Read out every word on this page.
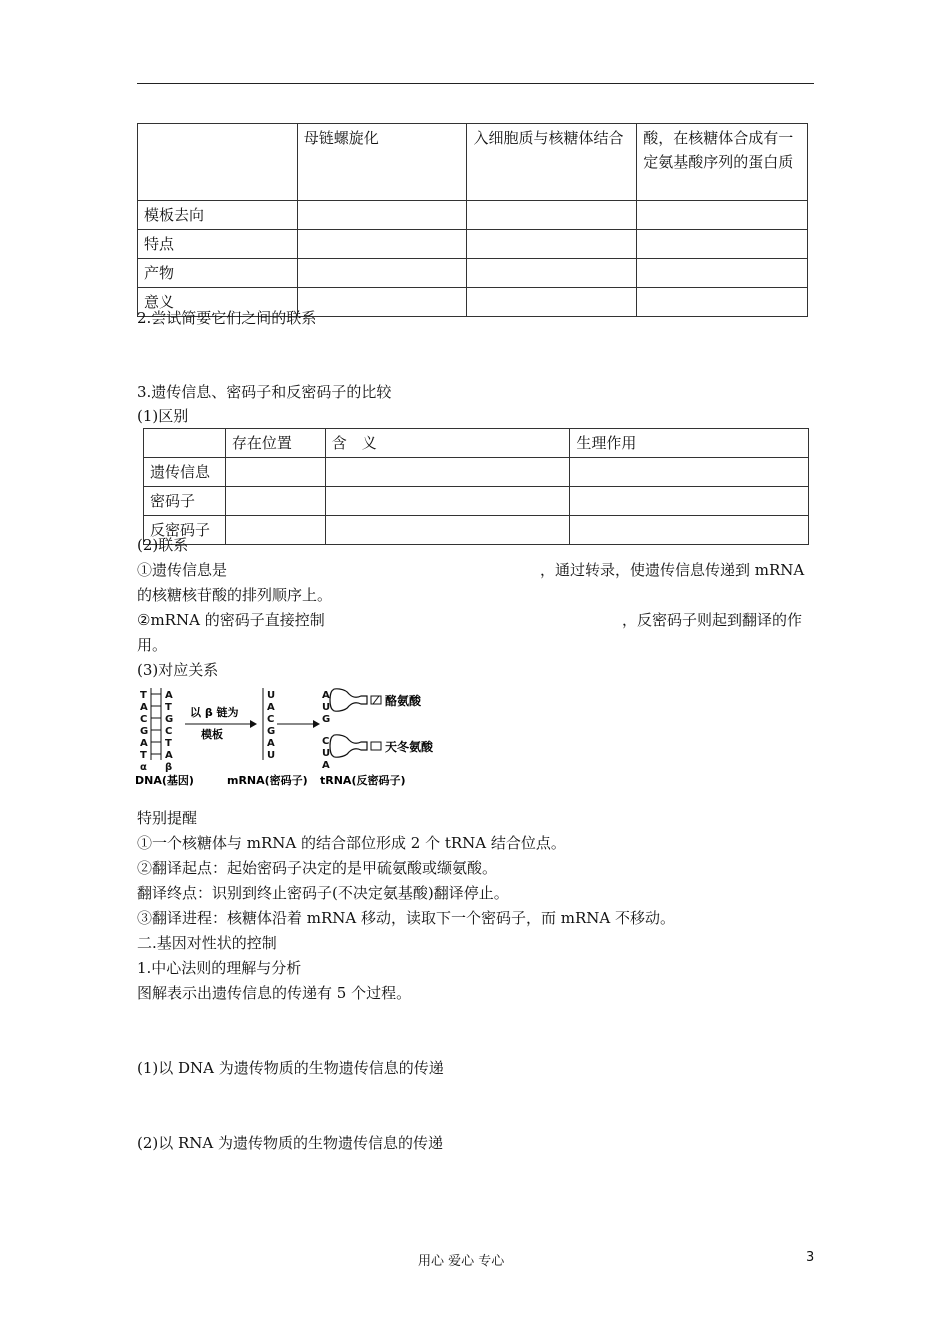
	母链螺旋化	入细胞质与核糖体结合	酸，在核糖体合成有一定氨基酸序列的蛋白质
模板去向			
特点			
产物			
意义			
2.尝试简要它们之间的联系
3.遗传信息、密码子和反密码子的比较
(1)区别
	存在位置	含　义	生理作用
遗传信息			
密码子			
反密码子			
(2)联系
①遗传信息是	，通过转录，使遗传信息传递到 mRNA
的核糖核苷酸的排列顺序上。
②mRNA 的密码子直接控制	，反密码子则起到翻译的作
用。
(3)对应关系
T
A
C
G
A
T
α
A
T
G
C
T
A
β
以 β 链为
模板
U
A
C
G
A
U
A
U
G
酪氨酸
C
U
A
天冬氨酸
DNA(基因)	mRNA(密码子) tRNA(反密码子)
特别提醒
①一个核糖体与 mRNA 的结合部位形成 2 个 tRNA 结合位点。
②翻译起点：起始密码子决定的是甲硫氨酸或缬氨酸。
翻译终点：识别到终止密码子(不决定氨基酸)翻译停止。
③翻译进程：核糖体沿着 mRNA 移动，读取下一个密码子，而 mRNA 不移动。
二.基因对性状的控制
1.中心法则的理解与分析
图解表示出遗传信息的传递有 5 个过程。
(1)以 DNA 为遗传物质的生物遗传信息的传递
(2)以 RNA 为遗传物质的生物遗传信息的传递
用心 爱心 专心	3
